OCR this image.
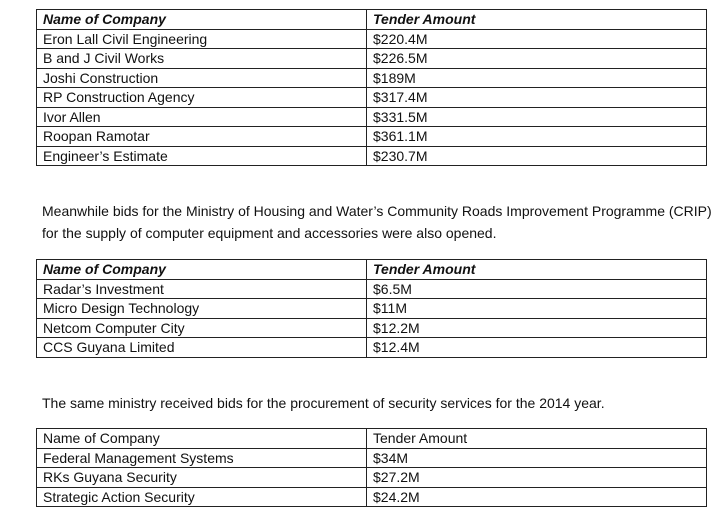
Name of Company	Tender Amount
Eron Lall Civil Engineering	$220.4M
B and J Civil Works	$226.5M
Joshi Construction	$189M
RP Construction Agency	$317.4M
Ivor Allen	$331.5M
Roopan Ramotar	$361.1M
Engineer’s Estimate	$230.7M

Meanwhile bids for the Ministry of Housing and Water’s Community Roads Improvement Programme (CRIP) for the supply of computer equipment and accessories were also opened.

Name of Company	Tender Amount
Radar’s Investment	$6.5M
Micro Design Technology	$11M
Netcom Computer City	$12.2M
CCS Guyana Limited	$12.4M

The same ministry received bids for the procurement of security services for the 2014 year.

Name of Company	Tender Amount
Federal Management Systems	$34M
RKs Guyana Security	$27.2M
Strategic Action Security	$24.2M
